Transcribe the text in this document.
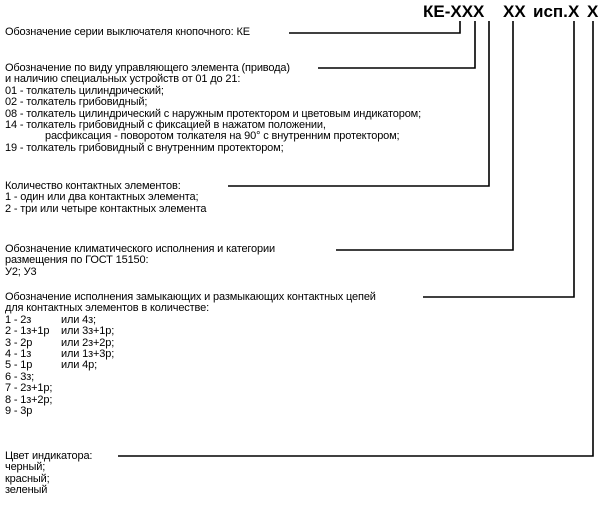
КЕ-ХХХ ХХ исп. Х Х
Обозначение серии выключателя кнопочного: КЕ
Обозначение по виду управляющего элемента (привода)
и наличию специальных устройств от 01 до 21:
01 - толкатель цилиндрический;
02 - толкатель грибовидный;
08 - толкатель цилиндрический с наружным протектором и цветовым индикатором;
14 - толкатель грибовидный с фиксацией в нажатом положении,
расфиксация - поворотом толкателя на 90° с внутренним протектором;
19 - толкатель грибовидный с внутренним протектором;
Количество контактных элементов:
1 - один или два контактных элемента;
2 - три или четыре контактных элемента
Обозначение климатического исполнения и категории
размещения по ГОСТ 15150:
У2; У3
Обозначение исполнения замыкающих и размыкающих контактных цепей
для контактных элементов в количестве:
1 - 2з	или 4з;
2 - 1з+1р или 3з+1р;
3 - 2р	или 2з+2р;
4 - 1з	или 1з+3р;
5 - 1р	или 4р;
6 - 3з;
7 - 2з+1р;
8 - 1з+2р;
9 - 3р
Цвет индикатора:
черный;
красный;
зеленый
